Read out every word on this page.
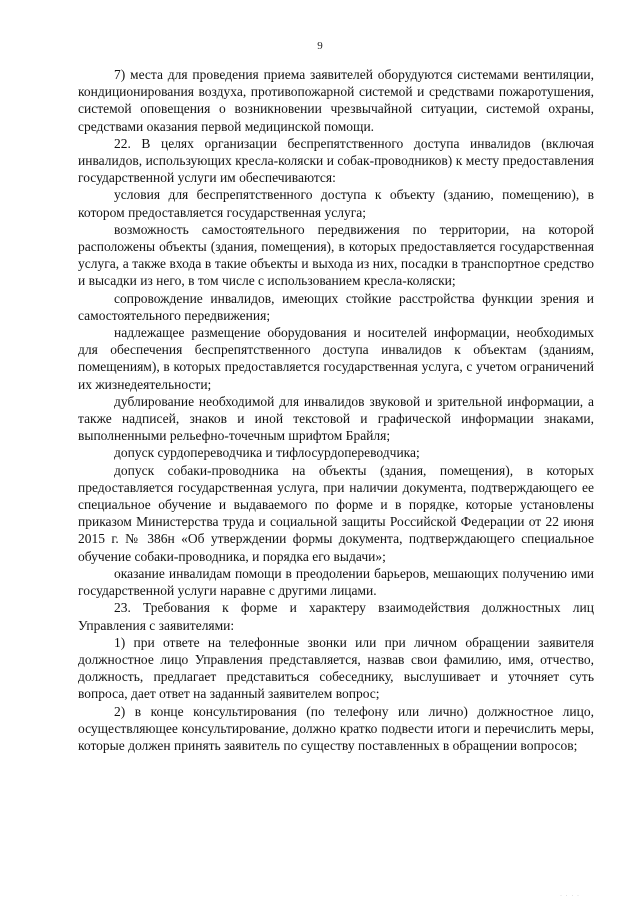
9

7) места для проведения приема заявителей оборудуются системами вентиляции, кондиционирования воздуха, противопожарной системой и средствами пожаротушения, системой оповещения о возникновении чрезвычайной ситуации, системой охраны, средствами оказания первой медицинской помощи.

22. В целях организации беспрепятственного доступа инвалидов (включая инвалидов, использующих кресла-коляски и собак-проводников) к месту предоставления государственной услуги им обеспечиваются:

условия для беспрепятственного доступа к объекту (зданию, помещению), в котором предоставляется государственная услуга;

возможность самостоятельного передвижения по территории, на которой расположены объекты (здания, помещения), в которых предоставляется государственная услуга, а также входа в такие объекты и выхода из них, посадки в транспортное средство и высадки из него, в том числе с использованием кресла-коляски;

сопровождение инвалидов, имеющих стойкие расстройства функции зрения и самостоятельного передвижения;

надлежащее размещение оборудования и носителей информации, необходимых для обеспечения беспрепятственного доступа инвалидов к объектам (зданиям, помещениям), в которых предоставляется государственная услуга, с учетом ограничений их жизнедеятельности;

дублирование необходимой для инвалидов звуковой и зрительной информации, а также надписей, знаков и иной текстовой и графической информации знаками, выполненными рельефно-точечным шрифтом Брайля;

допуск сурдопереводчика и тифлосурдопереводчика;

допуск собаки-проводника на объекты (здания, помещения), в которых предоставляется государственная услуга, при наличии документа, подтверждающего ее специальное обучение и выдаваемого по форме и в порядке, которые установлены приказом Министерства труда и социальной защиты Российской Федерации от 22 июня 2015 г. № 386н «Об утверждении формы документа, подтверждающего специальное обучение собаки-проводника, и порядка его выдачи»;

оказание инвалидам помощи в преодолении барьеров, мешающих получению ими государственной услуги наравне с другими лицами.

23. Требования к форме и характеру взаимодействия должностных лиц Управления с заявителями:

1) при ответе на телефонные звонки или при личном обращении заявителя должностное лицо Управления представляется, назвав свои фамилию, имя, отчество, должность, предлагает представиться собеседнику, выслушивает и уточняет суть вопроса, дает ответ на заданный заявителем вопрос;

2) в конце консультирования (по телефону или лично) должностное лицо, осуществляющее консультирование, должно кратко подвести итоги и перечислить меры, которые должен принять заявитель по существу поставленных в обращении вопросов;

· · · ·
